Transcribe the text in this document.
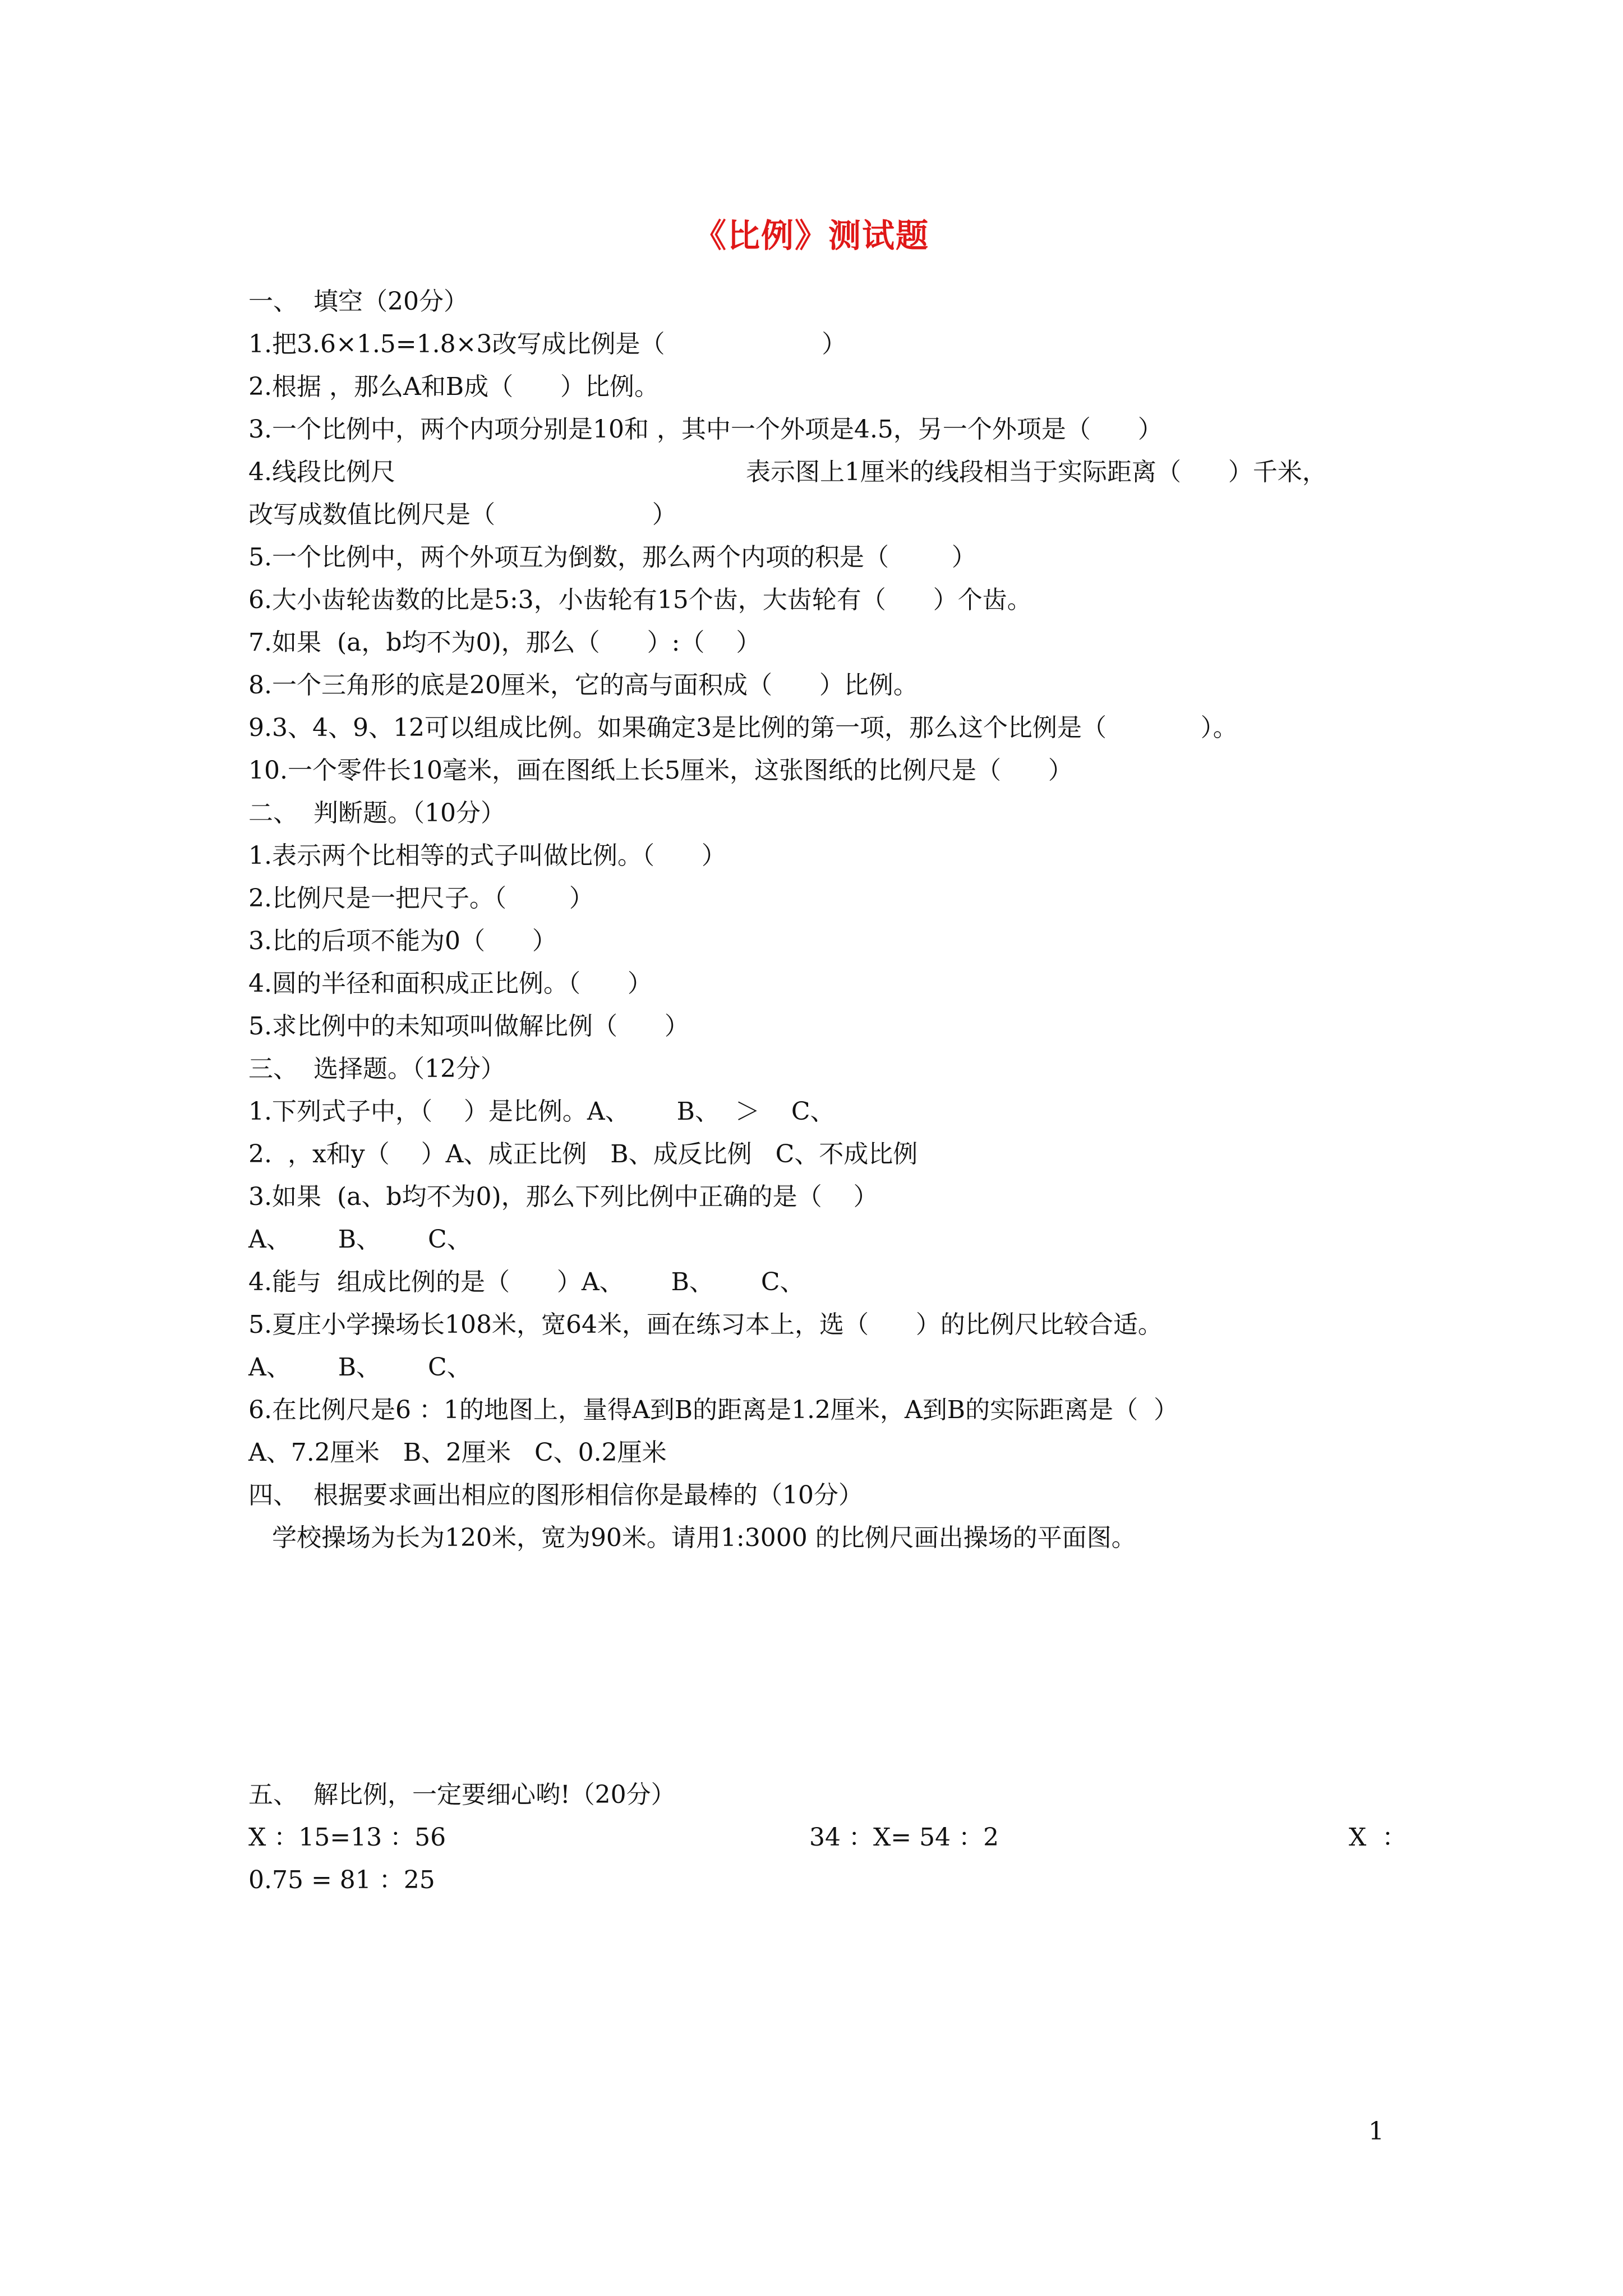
《比例》测试题
一、  填空（20分）
1.把3.6×1.5=1.8×3改写成比例是（                    ）
2.根据 ，那么A和B成（      ）比例。
3.一个比例中，两个内项分别是10和 ，其中一个外项是4.5，另一个外项是（      ）
4.线段比例尺	表示图上1厘米的线段相当于实际距离（      ）千米，
改写成数值比例尺是（                    ）
5.一个比例中，两个外项互为倒数，那么两个内项的积是（        ）
6.大小齿轮齿数的比是5:3，小齿轮有15个齿，大齿轮有（      ）个齿。
7.如果  (a，b均不为0)，那么（      ）:（    ）
8.一个三角形的底是20厘米，它的高与面积成（      ）比例。
9.3、4、9、12可以组成比例。如果确定3是比例的第一项，那么这个比例是（            ）。
10.一个零件长10毫米，画在图纸上长5厘米，这张图纸的比例尺是（      ）
二、  判断题。（10分）
1.表示两个比相等的式子叫做比例。（      ）
2.比例尺是一把尺子。（        ）
3.比的后项不能为0（      ）
4.圆的半径和面积成正比例。（      ）
5.求比例中的未知项叫做解比例（      ）
三、  选择题。（12分）
1.下列式子中，（    ）是比例。A、      B、  ＞    C、
2.  ，x和y（    ）A、成正比例   B、成反比例   C、不成比例
3.如果  (a、b均不为0)，那么下列比例中正确的是（    ）
A、      B、      C、
4.能与  组成比例的是（      ）A、      B、      C、
5.夏庄小学操场长108米，宽64米，画在练习本上，选（      ）的比例尺比较合适。
A、      B、      C、
6.在比例尺是6 ：1的地图上，量得A到B的距离是1.2厘米，A到B的实际距离是（  ）
A、7.2厘米   B、2厘米   C、0.2厘米
四、  根据要求画出相应的图形相信你是最棒的（10分）
学校操场为长为120米，宽为90米。请用1:3000 的比例尺画出操场的平面图。
五、  解比例，一定要细心哟!（20分）
X ：15=13 ：56	34 ：X= 54 ：2	X  ：
0.75 = 81 ：25
1
